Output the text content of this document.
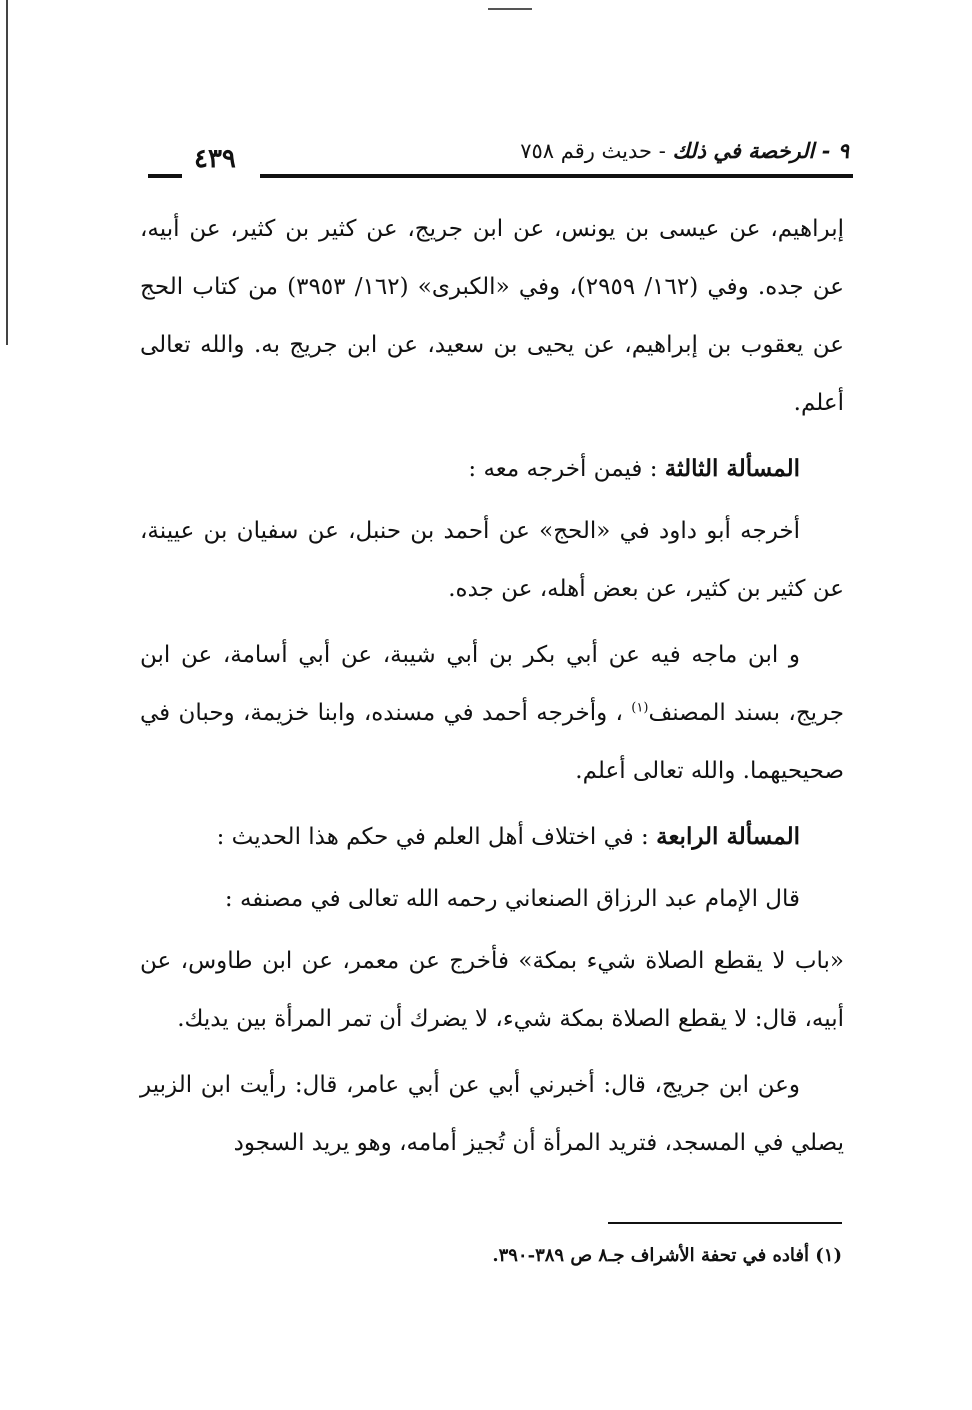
٤٣٩	٩ - الرخصة في ذلك - حديث رقم ٧٥٨

إبراهيم، عن عيسى بن يونس، عن ابن جريج، عن كثير بن كثير، عن أبيه، عن جده. وفي (١٦٢/ ٢٩٥٩)، وفي «الكبرى» (١٦٢/ ٣٩٥٣) من كتاب الحج عن يعقوب بن إبراهيم، عن يحيى بن سعيد، عن ابن جريج به. والله تعالى أعلم.

المسألة الثالثة : فيمن أخرجه معه :

أخرجه أبو داود في «الحج» عن أحمد بن حنبل، عن سفيان بن عيينة، عن كثير بن كثير، عن بعض أهله، عن جده.

و ابن ماجه فيه عن أبي بكر بن أبي شيبة، عن أبي أسامة، عن ابن جريج، بسند المصنف$^{(١)}$ ، وأخرجه أحمد في مسنده، وابنا خزيمة، وحبان في صحيحيهما. والله تعالى أعلم.

المسألة الرابعة : في اختلاف أهل العلم في حكم هذا الحديث :

قال الإمام عبد الرزاق الصنعاني رحمه الله تعالى في مصنفه :

«باب لا يقطع الصلاة شيء بمكة» فأخرج عن معمر، عن ابن طاوس، عن أبيه، قال: لا يقطع الصلاة بمكة شيء، لا يضرك أن تمر المرأة بين يديك.

وعن ابن جريج، قال: أخبرني أبي عن أبي عامر، قال: رأيت ابن الزبير يصلي في المسجد، فتريد المرأة أن تُجيز أمامه، وهو يريد السجود

(١) أفاده في تحفة الأشراف جـ٨ ص ٣٨٩-٣٩٠.
